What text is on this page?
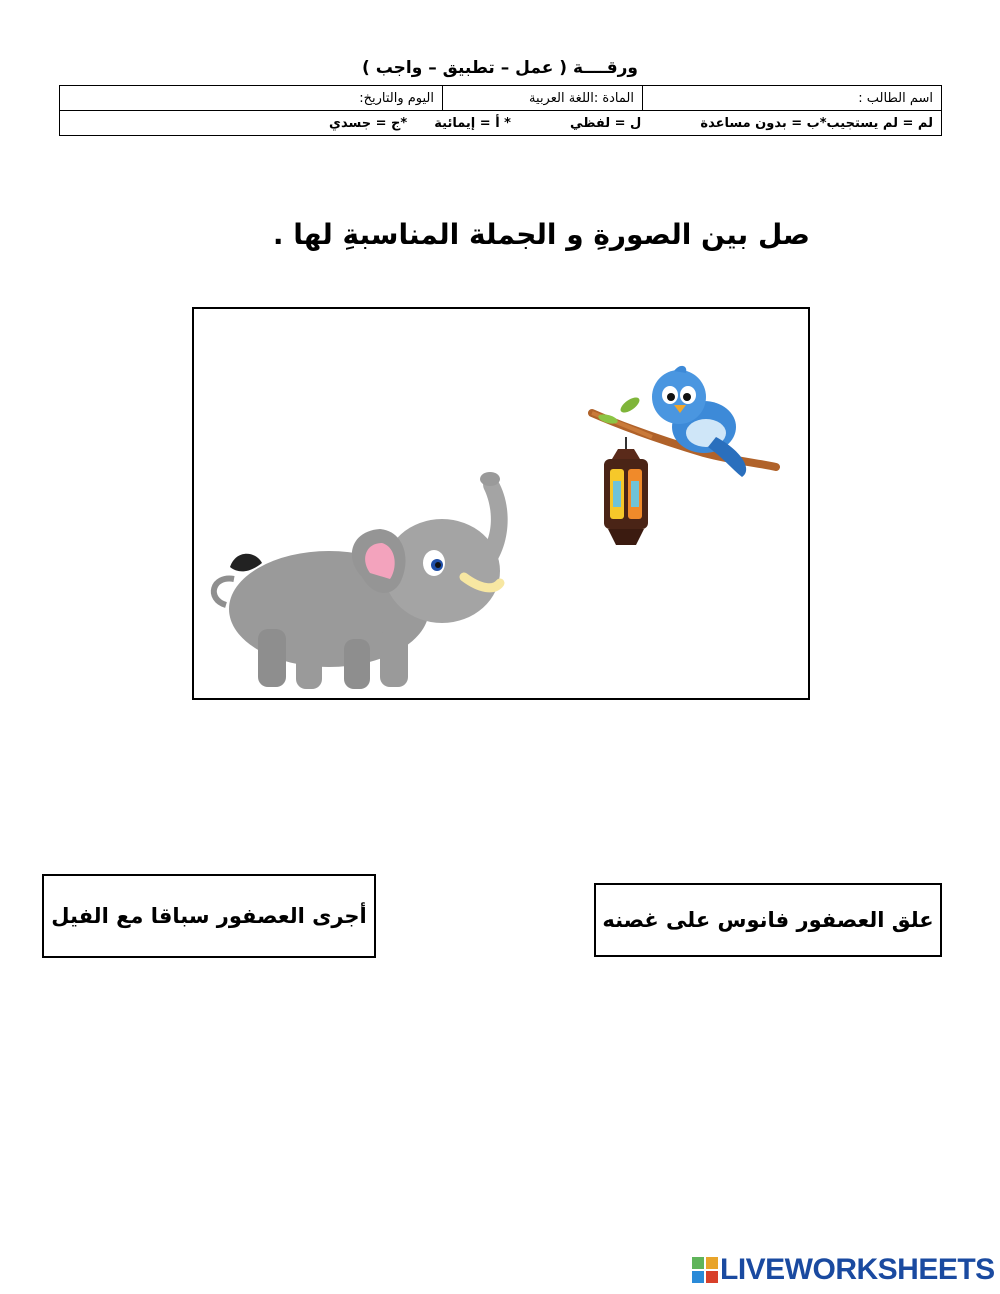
ورقــــة ( عمل – تطبيق – واجب )
اسم الطالب :	المادة :اللغة العربية	اليوم والتاريخ:
لم = لم يستجيب*ب = بدون مساعدة  ل = لفظي  * أ = إيمائية  *ج = جسدي
صل بين الصورةِ و الجملة المناسبةِ لها .
علق العصفور فانوس على غصنه
أجرى العصفور سباقا مع الفيل
LIVEWORKSHEETS
